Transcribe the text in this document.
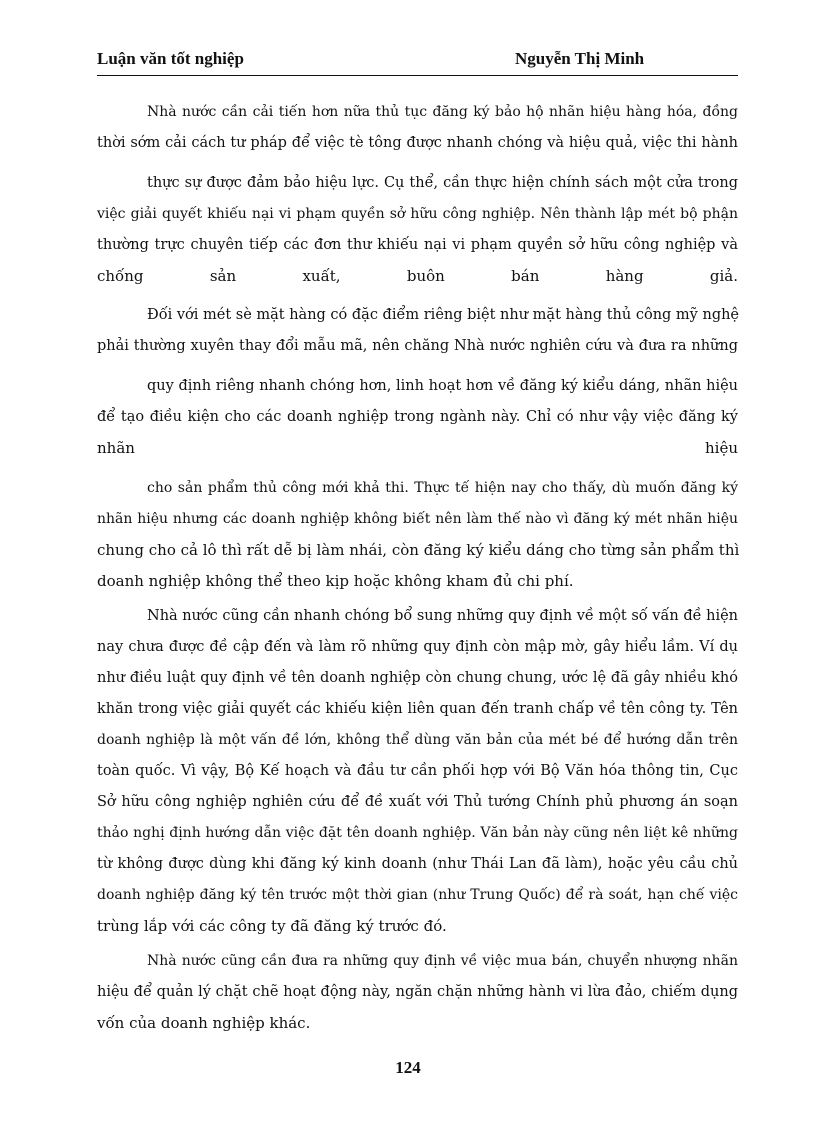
Luận văn tốt nghiệp	Nguyễn Thị Minh
Nhà nước cần cải tiến hơn nữa thủ tục đăng ký bảo hộ nhãn hiệu hàng hóa, đồng
thời sớm cải cách tư pháp để việc tè tông được nhanh chóng và hiệu quả, việc thi hành
thực sự được đảm bảo hiệu lực. Cụ thể, cần thực hiện chính sách một cửa trong
việc giải quyết khiếu nại vi phạm quyền sở hữu công nghiệp. Nên thành lập mét bộ phận
thường trực chuyên tiếp các đơn thư khiếu nại vi phạm quyền sở hữu công nghiệp và
chống sản xuất, buôn bán hàng giả.
Đối với mét sè mặt hàng có đặc điểm riêng biệt như mặt hàng thủ công mỹ nghệ
phải thường xuyên thay đổi mẫu mã, nên chăng Nhà nước nghiên cứu và đưa ra những
quy định riêng nhanh chóng hơn, linh hoạt hơn về đăng ký kiểu dáng, nhãn hiệu
để tạo điều kiện cho các doanh nghiệp trong ngành này. Chỉ có như vậy việc đăng ký
nhãn hiệu
cho sản phẩm thủ công mới khả thi. Thực tế hiện nay cho thấy, dù muốn đăng ký
nhãn hiệu nhưng các doanh nghiệp không biết nên làm thế nào vì đăng ký mét nhãn hiệu
chung cho cả lô thì rất dễ bị làm nhái, còn đăng ký kiểu dáng cho từng sản phẩm thì
doanh nghiệp không thể theo kịp hoặc không kham đủ chi phí.
Nhà nước cũng cần nhanh chóng bổ sung những quy định về một số vấn đề hiện
nay chưa được đề cập đến và làm rõ những quy định còn mập mờ, gây hiểu lầm. Ví dụ
như điều luật quy định về tên doanh nghiệp còn chung chung, ước lệ đã gây nhiều khó
khăn trong việc giải quyết các khiếu kiện liên quan đến tranh chấp về tên công ty. Tên
doanh nghiệp là một vấn đề lớn, không thể dùng văn bản của mét bé để hướng dẫn trên
toàn quốc. Vì vậy, Bộ Kế hoạch và đầu tư cần phối hợp với Bộ Văn hóa thông tin, Cục
Sở hữu công nghiệp nghiên cứu để đề xuất với Thủ tướng Chính phủ phương án soạn
thảo nghị định hướng dẫn việc đặt tên doanh nghiệp. Văn bản này cũng nên liệt kê những
từ không được dùng khi đăng ký kinh doanh (như Thái Lan đã làm), hoặc yêu cầu chủ
doanh nghiệp đăng ký tên trước một thời gian (như Trung Quốc) để rà soát, hạn chế việc
trùng lắp với các công ty đã đăng ký trước đó.
Nhà nước cũng cần đưa ra những quy định về việc mua bán, chuyển nhượng nhãn
hiệu để quản lý chặt chẽ hoạt động này, ngăn chặn những hành vi lừa đảo, chiếm dụng
vốn của doanh nghiệp khác.
124
